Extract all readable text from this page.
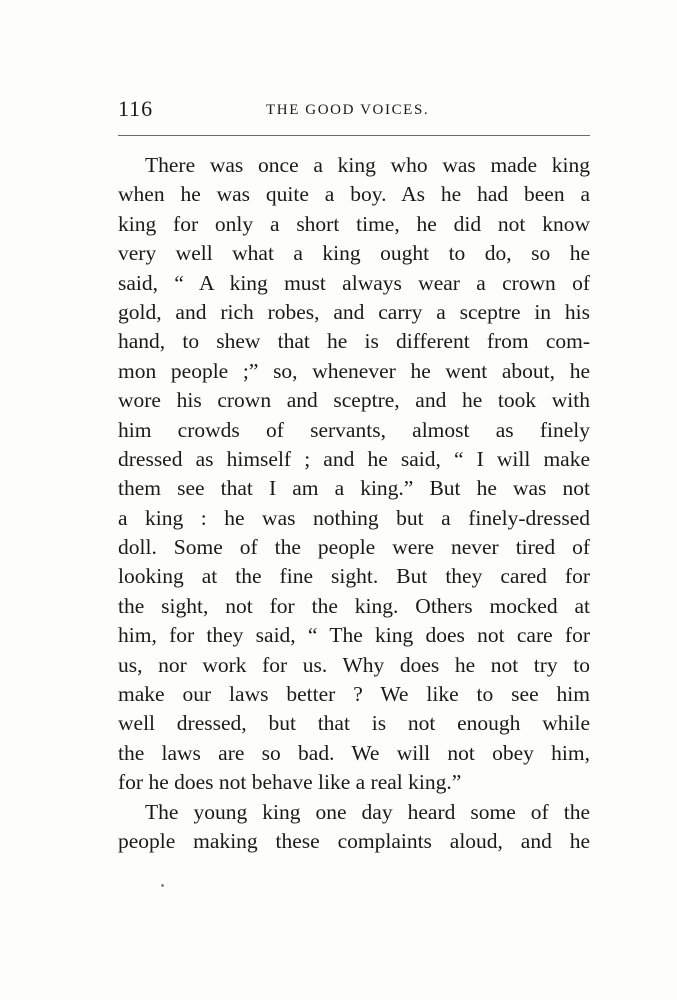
116	THE GOOD VOICES.
There was once a king who was made king
when he was quite a boy. As he had been a
king for only a short time, he did not know
very well what a king ought to do, so he
said, “ A king must always wear a crown of
gold, and rich robes, and carry a sceptre in his
hand, to shew that he is different from com-
mon people ;” so, whenever he went about, he
wore his crown and sceptre, and he took with
him crowds of servants, almost as finely
dressed as himself ; and he said, “ I will make
them see that I am a king.” But he was not
a king : he was nothing but a finely-dressed
doll. Some of the people were never tired of
looking at the fine sight. But they cared for
the sight, not for the king. Others mocked at
him, for they said, “ The king does not care for
us, nor work for us. Why does he not try to
make our laws better ? We like to see him
well dressed, but that is not enough while
the laws are so bad. We will not obey him,
for he does not behave like a real king.”
The young king one day heard some of the
people making these complaints aloud, and he
